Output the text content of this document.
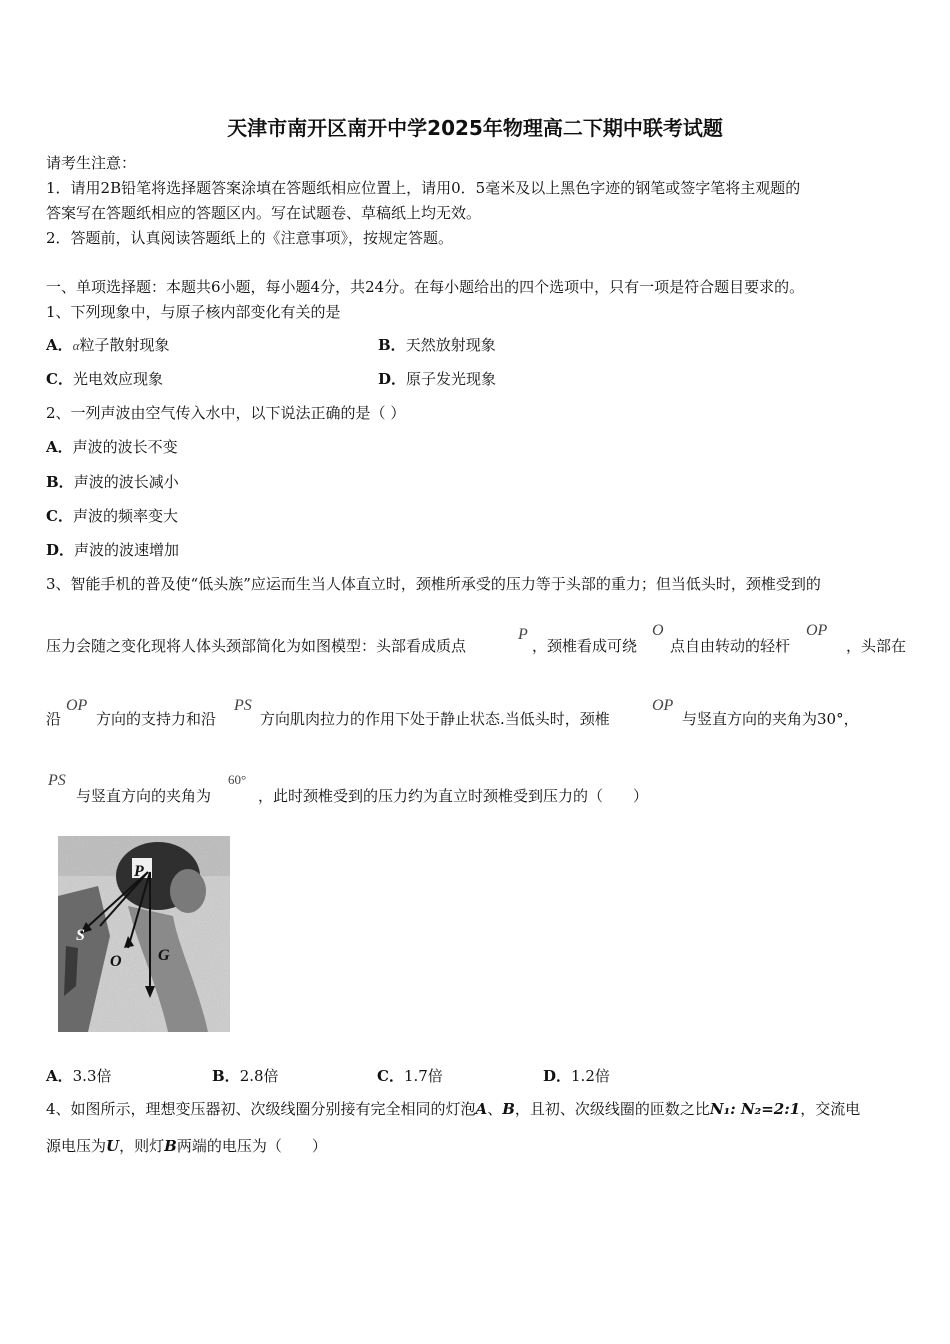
天津市南开区南开中学2025年物理高二下期中联考试题
请考生注意：
1．请用2B铅笔将选择题答案涂填在答题纸相应位置上，请用0．5毫米及以上黑色字迹的钢笔或签字笔将主观题的
答案写在答题纸相应的答题区内。写在试题卷、草稿纸上均无效。
2．答题前，认真阅读答题纸上的《注意事项》，按规定答题。
一、单项选择题：本题共6小题，每小题4分，共24分。在每小题给出的四个选项中，只有一项是符合题目要求的。
1、下列现象中，与原子核内部变化有关的是
A．α粒子散射现象	B．天然放射现象
C．光电效应现象	D．原子发光现象
2、一列声波由空气传入水中，以下说法正确的是（ ）
A．声波的波长不变
B．声波的波长减小
C．声波的频率变大
D．声波的波速增加
3、智能手机的普及使“低头族”应运而生当人体直立时，颈椎所承受的压力等于头部的重力；但当低头时，颈椎受到的
压力会随之变化现将人体头颈部简化为如图模型：头部看成质点
P
，颈椎看成可绕
O
点自由转动的轻杆
OP
，头部在
沿
OP
方向的支持力和沿
PS
方向肌肉拉力的作用下处于静止状态.当低头时，颈椎
OP
与竖直方向的夹角为30°，
PS
与竖直方向的夹角为
60°
，此时颈椎受到的压力约为直立时颈椎受到压力的（　　）
P
S
O G
A．3.3倍	B．2.8倍	C．1.7倍	D．1.2倍
4、如图所示，理想变压器初、次级线圈分别接有完全相同的灯泡A、B，且初、次级线圈的匝数之比N₁: N₂=2:1，交流电
源电压为U，则灯B两端的电压为（　　）
